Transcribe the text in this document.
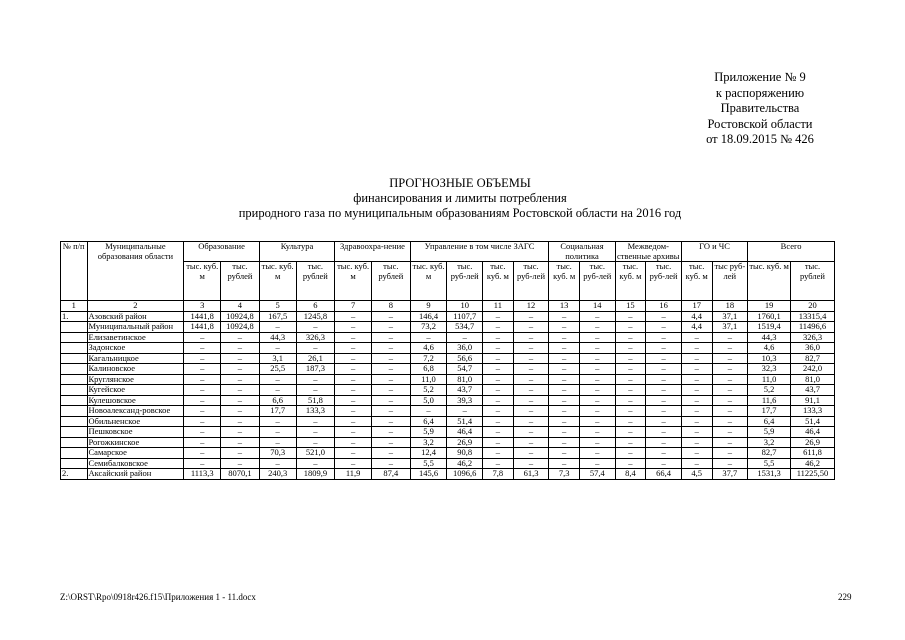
Приложение № 9
к распоряжению
Правительства
Ростовской области
от 18.09.2015 № 426
ПРОГНОЗНЫЕ ОБЪЕМЫ
финансирования и лимиты потребления
природного газа по муниципальным образованиям Ростовской области на 2016 год
№ п/п	Муниципальные образования области	Образование		Культура		Здравоохра-нение		Управление в том числе ЗАГС				Социальная политика		Межведом-ственные архивы		ГО и ЧС		Всего	
		тыс. куб. м	тыс. рублей	тыс. куб. м	тыс. рублей	тыс. куб. м	тыс. рублей	тыс. куб. м	тыс. руб-лей	тыс. куб. м	тыс. руб-лей	тыс. куб. м	тыс. руб-лей	тыс. куб. м	тыс. руб-лей	тыс. куб. м	тыс руб-лей	тыс. куб. м	тыс. рублей
1	2	3	4	5	6	7	8	9	10	11	12	13	14	15	16	17	18	19	20
1.	Азовский район	1441,8	10924,8	167,5	1245,8	–	–	146,4	1107,7	–	–	–	–	–	–	4,4	37,1	1760,1	13315,4
	Муниципальный район	1441,8	10924,8	–	–	–	–	73,2	534,7	–	–	–	–	–	–	4,4	37,1	1519,4	11496,6
	Елизаветинское	–	–	44,3	326,3	–	–	–	–	–	–	–	–	–	–	–	–	44,3	326,3
	Задонское	–	–	–	–	–	–	4,6	36,0	–	–	–	–	–	–	–	–	4,6	36,0
	Кагальницкое	–	–	3,1	26,1	–	–	7,2	56,6	–	–	–	–	–	–	–	–	10,3	82,7
	Калиновское	–	–	25,5	187,3	–	–	6,8	54,7	–	–	–	–	–	–	–	–	32,3	242,0
	Круглянское	–	–	–	–	–	–	11,0	81,0	–	–	–	–	–	–	–	–	11,0	81,0
	Кугейское	–	–	–	–	–	–	5,2	43,7	–	–	–	–	–	–	–	–	5,2	43,7
	Кулешовское	–	–	6,6	51,8	–	–	5,0	39,3	–	–	–	–	–	–	–	–	11,6	91,1
	Новоалександ-ровское	–	–	17,7	133,3	–	–	–	–	–	–	–	–	–	–	–	–	17,7	133,3
	Обильненское	–	–	–	–	–	–	6,4	51,4	–	–	–	–	–	–	–	–	6,4	51,4
	Пешковское	–	–	–	–	–	–	5,9	46,4	–	–	–	–	–	–	–	–	5,9	46,4
	Рогожкинское	–	–	–	–	–	–	3,2	26,9	–	–	–	–	–	–	–	–	3,2	26,9
	Самарское	–	–	70,3	521,0	–	–	12,4	90,8	–	–	–	–	–	–	–	–	82,7	611,8
	Семибалковское	–	–	–	–	–	–	5,5	46,2	–	–	–	–	–	–	–	–	5,5	46,2
2.	Аксайский район	1113,3	8070,1	240,3	1809,9	11,9	87,4	145,6	1096,6	7,8	61,3	7,3	57,4	8,4	66,4	4,5	37,7	1531,3	11225,50
Z:\ORST\Rpo\0918r426.f15\Приложения 1 - 11.docx	229
